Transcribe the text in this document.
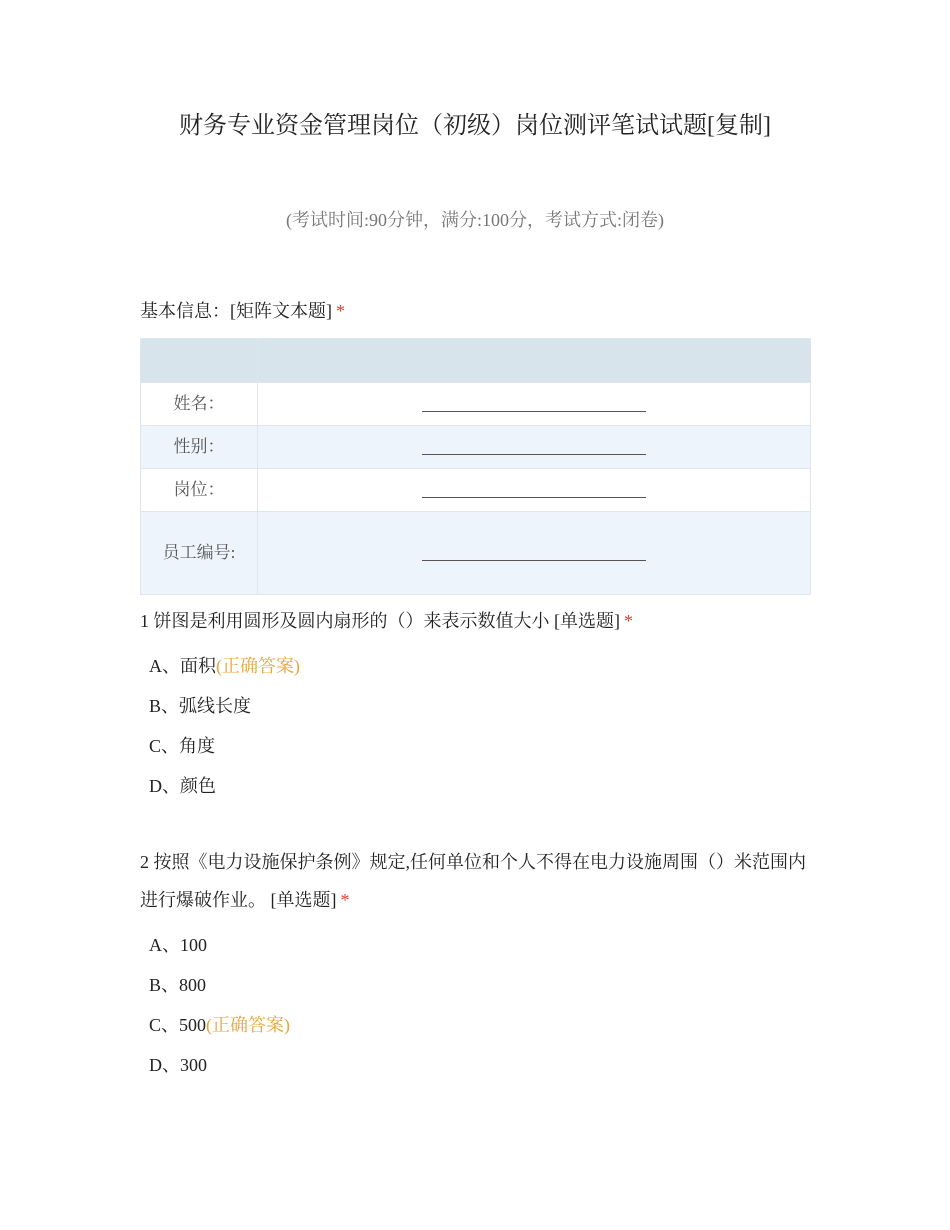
财务专业资金管理岗位（初级）岗位测评笔试试题[复制]
(考试时间:90分钟，满分:100分，考试方式:闭卷)
基本信息：[矩阵文本题] *

姓名：	
性别：	
岗位：	
员工编号:	
1 饼图是利用圆形及圆内扇形的（）来表示数值大小 [单选题] *
A、面积(正确答案)
B、弧线长度
C、角度
D、颜色
2 按照《电力设施保护条例》规定,任何单位和个人不得在电力设施周围（）米范围内进行爆破作业。 [单选题] *
A、100
B、800
C、500(正确答案)
D、300
